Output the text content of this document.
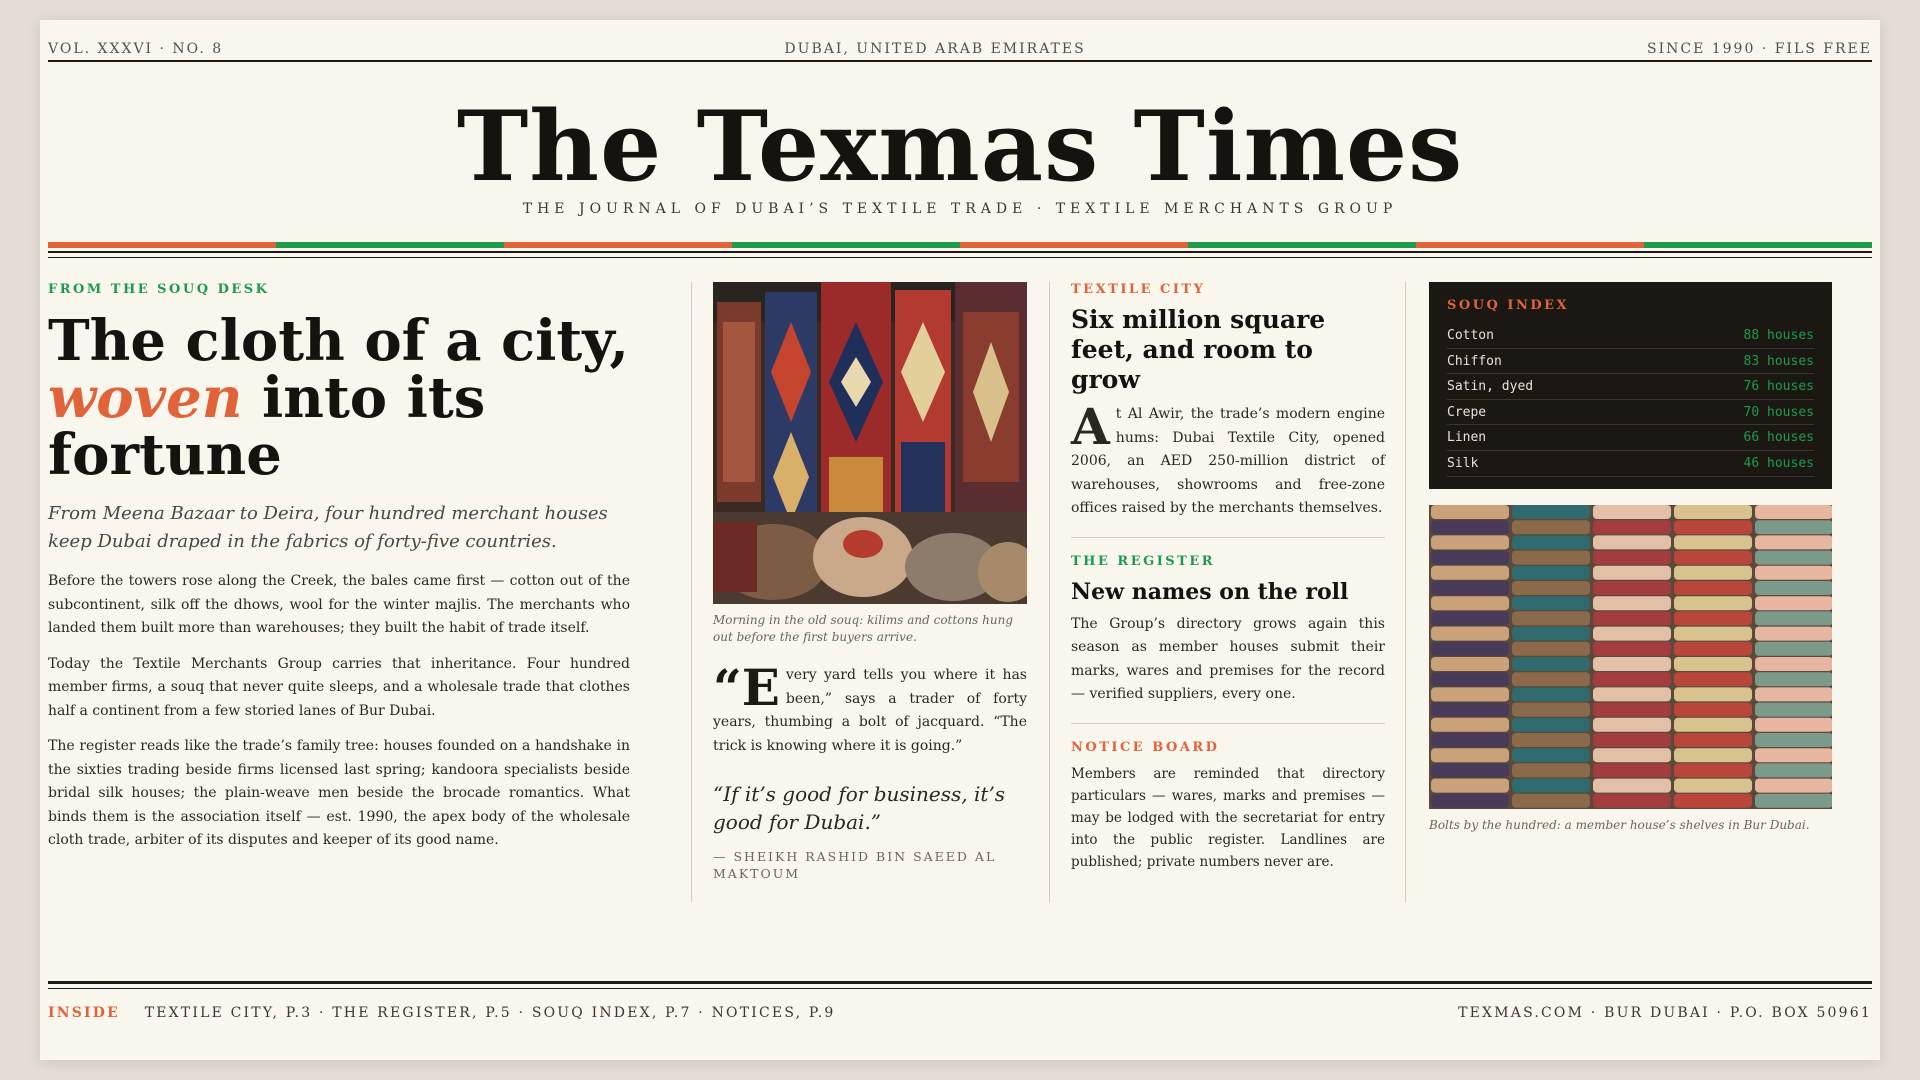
VOL. XXXVI · NO. 8	DUBAI, UNITED ARAB EMIRATES	SINCE 1990 · FILS FREE
The Texmas Times
THE JOURNAL OF DUBAI’S TEXTILE TRADE · TEXTILE MERCHANTS GROUP
FROM THE SOUQ DESK
The cloth of a city,
woven into its fortune

From Meena Bazaar to Deira, four hundred merchant houses keep Dubai draped in the fabrics of forty-five countries.

Before the towers rose along the Creek, the bales came first — cotton out of the subcontinent, silk off the dhows, wool for the winter majlis. The merchants who landed them built more than warehouses; they built the habit of trade itself.

Today the Textile Merchants Group carries that inheritance. Four hundred member firms, a souq that never quite sleeps, and a wholesale trade that clothes half a continent from a few storied lanes of Bur Dubai.

The register reads like the trade’s family tree: houses founded on a handshake in the sixties trading beside firms licensed last spring; kandoora specialists beside bridal silk houses; the plain-weave men beside the brocade romantics. What binds them is the association itself — est. 1990, the apex body of the wholesale cloth trade, arbiter of its disputes and keeper of its good name.

Morning in the old souq: kilims and cottons hung out before the first buyers arrive.

“E very yard tells you where it has been,” says a trader of forty years, thumbing a bolt of jacquard. “The trick is knowing where it is going.”

“If it’s good for business, it’s good for Dubai.”

— SHEIKH RASHID BIN SAEED AL MAKTOUM

TEXTILE CITY
Six million square feet, and room to grow
A t Al Awir, the trade’s modern engine hums: Dubai Textile City, opened 2006, an AED 250-million district of warehouses, showrooms and free-zone offices raised by the merchants themselves.
THE REGISTER
New names on the roll

The Group’s directory grows again this season as member houses submit their marks, wares and premises for the record — verified suppliers, every one.

NOTICE BOARD

Members are reminded that directory particulars — wares, marks and premises — may be lodged with the secretariat for entry into the public register. Landlines are published; private numbers never are.

SOUQ INDEX
Cotton	88 houses
Chiffon	83 houses
Satin, dyed	76 houses
Crepe	70 houses
Linen	66 houses
Silk	46 houses

Bolts by the hundred: a member house’s shelves in Bur Dubai.

INSIDE TEXTILE CITY, P.3 · THE REGISTER, P.5 · SOUQ INDEX, P.7 · NOTICES, P.9	TEXMAS.COM · BUR DUBAI · P.O. BOX 50961
